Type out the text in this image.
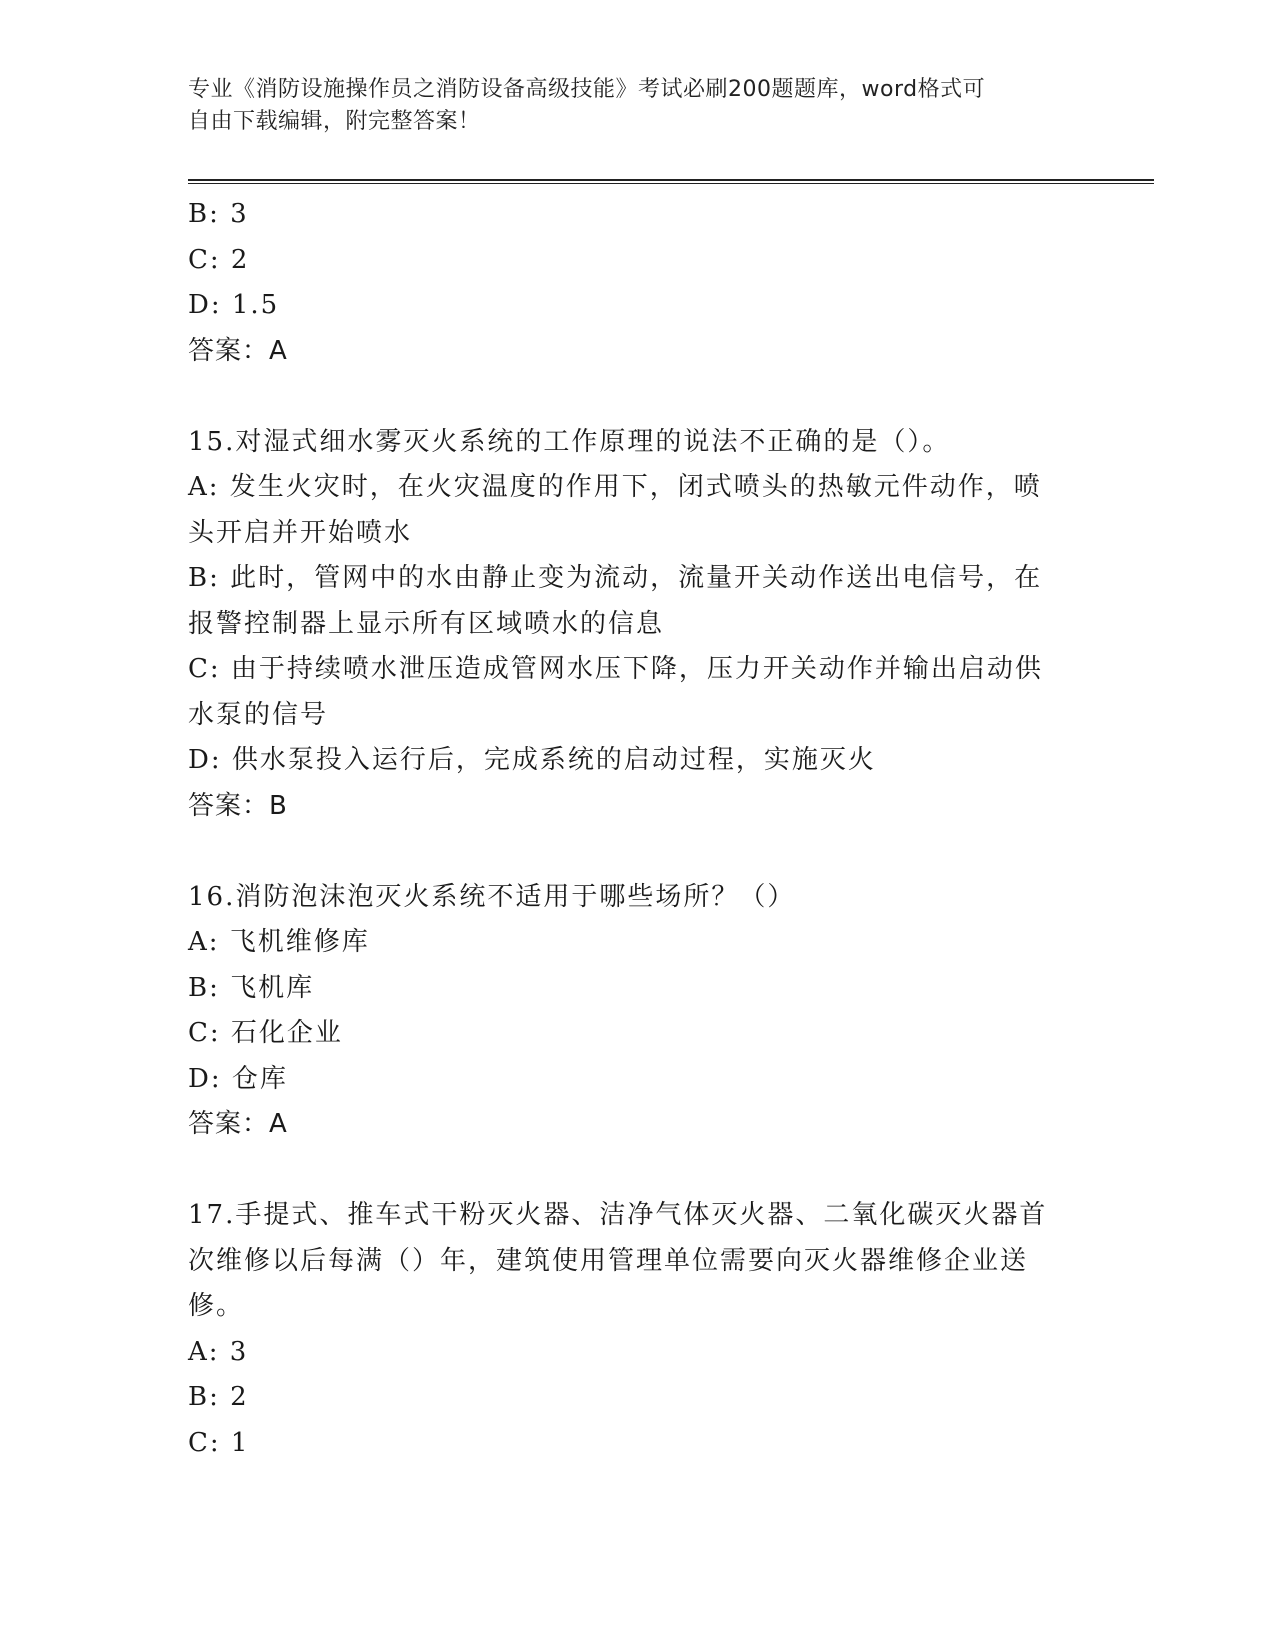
专业《消防设施操作员之消防设备高级技能》考试必刷200题题库，word格式可
自由下载编辑，附完整答案！
B: 3
C: 2
D: 1.5
答案：A
15.对湿式细水雾灭火系统的工作原理的说法不正确的是（）。
A: 发生火灾时，在火灾温度的作用下，闭式喷头的热敏元件动作，喷
头开启并开始喷水
B: 此时，管网中的水由静止变为流动，流量开关动作送出电信号，在
报警控制器上显示所有区域喷水的信息
C: 由于持续喷水泄压造成管网水压下降，压力开关动作并输出启动供
水泵的信号
D: 供水泵投入运行后，完成系统的启动过程，实施灭火
答案：B
16.消防泡沫泡灭火系统不适用于哪些场所？（）
A: 飞机维修库
B: 飞机库
C: 石化企业
D: 仓库
答案：A
17.手提式、推车式干粉灭火器、洁净气体灭火器、二氧化碳灭火器首
次维修以后每满（）年，建筑使用管理单位需要向灭火器维修企业送
修。
A: 3
B: 2
C: 1
